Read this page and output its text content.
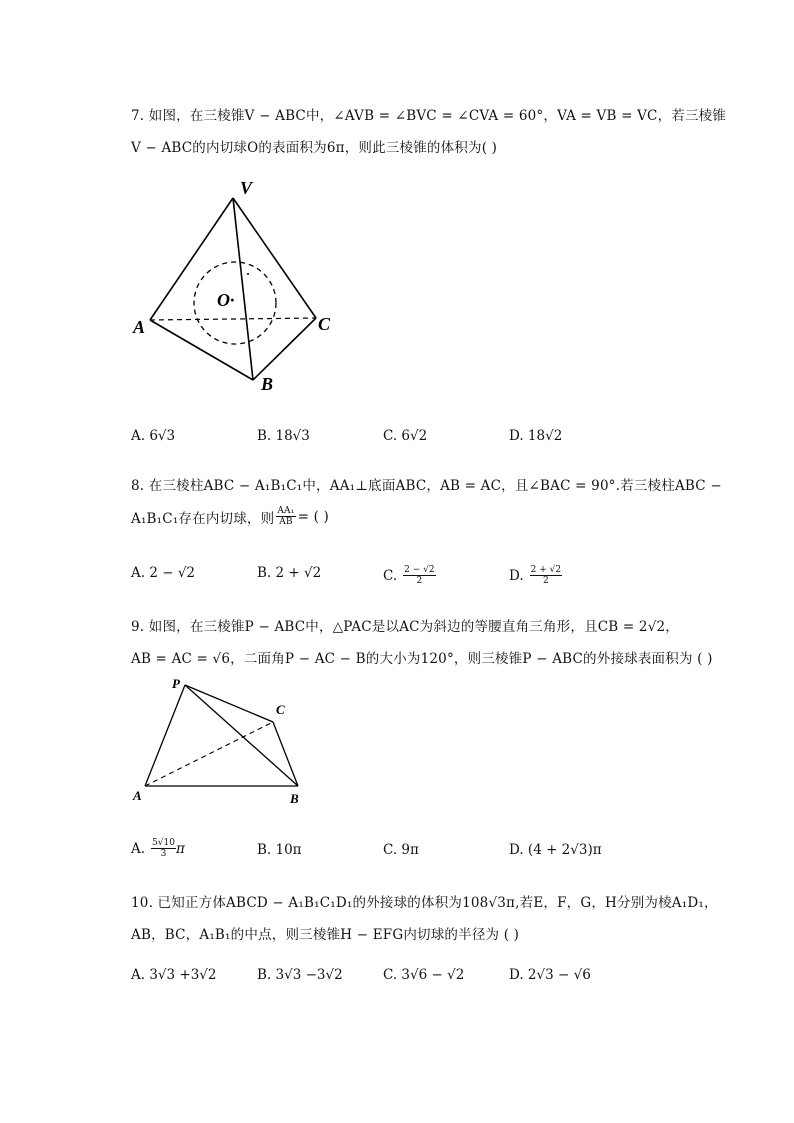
7. 如图，在三棱锥V − ABC中，∠AVB = ∠BVC = ∠CVA = 60°，VA = VB = VC，若三棱锥
V − ABC的内切球O的表面积为6π，则此三棱锥的体积为( )
V
A	C
B
O·
A. 6√3	B. 18√3	C. 6√2	D. 18√2
8. 在三棱柱ABC − A₁B₁C₁中，AA₁⊥底面ABC，AB = AC，且∠BAC = 90°.若三棱柱ABC −
A₁B₁C₁存在内切球，则 $\frac{\text{AA₁}}{AB}$ = ( )
A. 2 − √2	B. 2 + √2	C. $\frac{2 - √2}{2}$	D. $\frac{2 + √2}{2}$
9. 如图，在三棱锥P − ABC中，△PAC是以AC为斜边的等腰直角三角形，且CB = 2√2，
AB = AC = √6，二面角P − AC − B的大小为120°，则三棱锥P − ABC的外接球表面积为 ( )
P
C
A	B
A. $\frac{5√10}{3}$ π	B. 10π	C. 9π	D. (4 + 2√3)π
10. 已知正方体ABCD − A₁B₁C₁D₁的外接球的体积为108√3π,若E，F，G，H分别为棱A₁D₁，
AB，BC，A₁B₁的中点，则三棱锥H − EFG内切球的半径为 ( )
A. 3√3 +3√2	B. 3√3 −3√2	C. 3√6 − √2	D. 2√3 − √6
